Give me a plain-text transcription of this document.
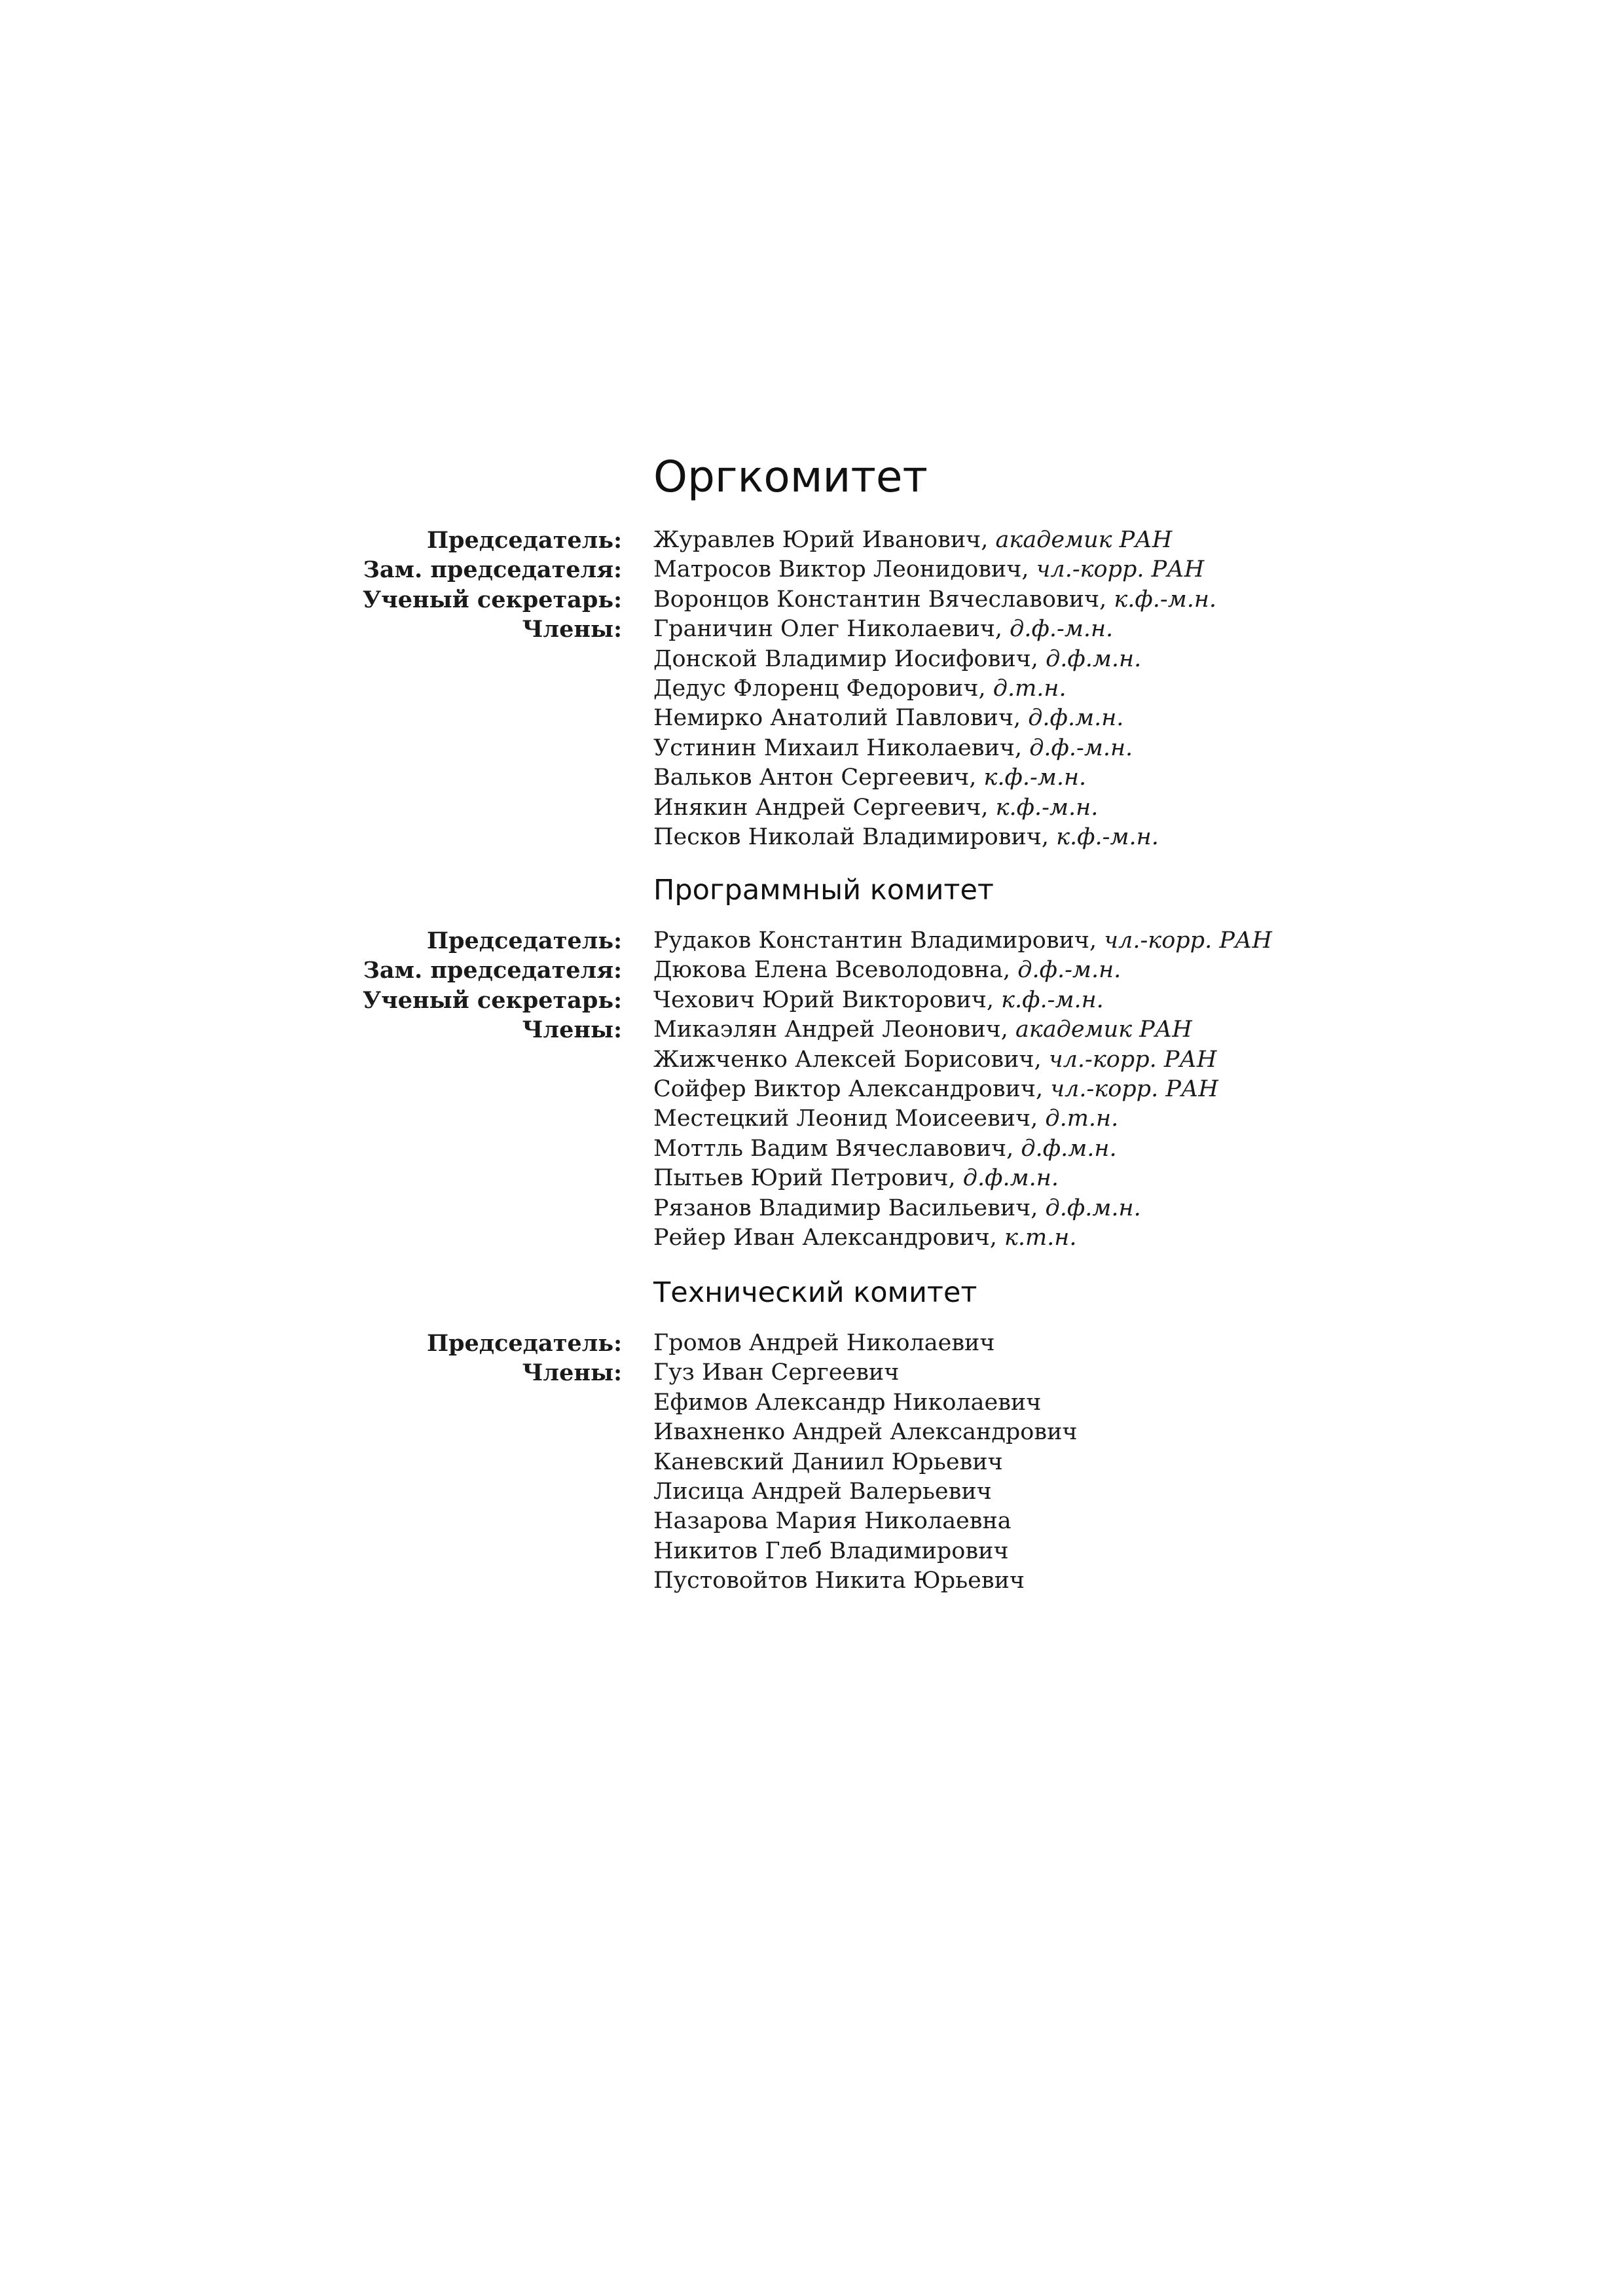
Оргкомитет
Председатель: Журавлев Юрий Иванович, академик РАН
Зам. председателя: Матросов Виктор Леонидович, чл.-корр. РАН
Ученый секретарь: Воронцов Константин Вячеславович, к.ф.-м.н.
Члены: Граничин Олег Николаевич, д.ф.-м.н.
Донской Владимир Иосифович, д.ф.м.н.
Дедус Флоренц Федорович, д.т.н.
Немирко Анатолий Павлович, д.ф.м.н.
Устинин Михаил Николаевич, д.ф.-м.н.
Вальков Антон Сергеевич, к.ф.-м.н.
Инякин Андрей Сергеевич, к.ф.-м.н.
Песков Николай Владимирович, к.ф.-м.н.
Программный комитет
Председатель: Рудаков Константин Владимирович, чл.-корр. РАН
Зам. председателя: Дюкова Елена Всеволодовна, д.ф.-м.н.
Ученый секретарь: Чехович Юрий Викторович, к.ф.-м.н.
Члены: Микаэлян Андрей Леонович, академик РАН
Жижченко Алексей Борисович, чл.-корр. РАН
Сойфер Виктор Александрович, чл.-корр. РАН
Местецкий Леонид Моисеевич, д.т.н.
Моттль Вадим Вячеславович, д.ф.м.н.
Пытьев Юрий Петрович, д.ф.м.н.
Рязанов Владимир Васильевич, д.ф.м.н.
Рейер Иван Александрович, к.т.н.
Технический комитет
Председатель: Громов Андрей Николаевич
Члены: Гуз Иван Сергеевич
Ефимов Александр Николаевич
Ивахненко Андрей Александрович
Каневский Даниил Юрьевич
Лисица Андрей Валерьевич
Назарова Мария Николаевна
Никитов Глеб Владимирович
Пустовойтов Никита Юрьевич
